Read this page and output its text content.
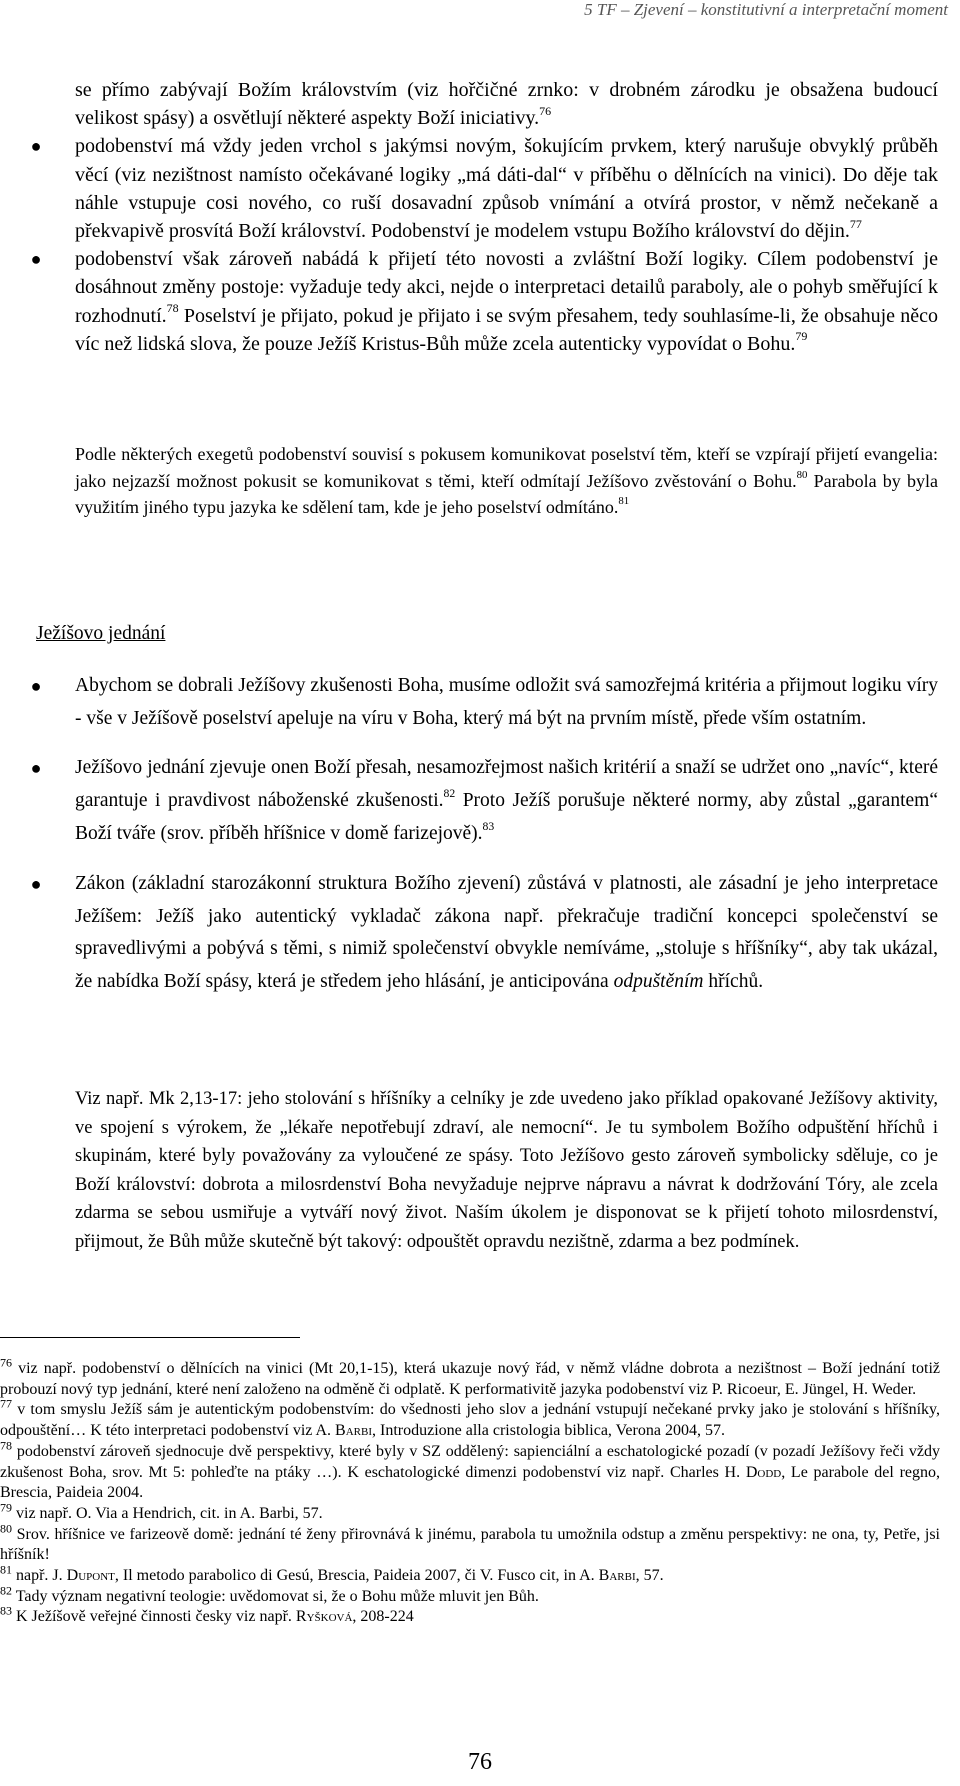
5 TF – Zjevení – konstitutivní a interpretační moment

se přímo zabývají Božím královstvím (viz hořčičné zrnko: v drobném zárodku je obsažena budoucí velikost spásy) a osvětlují některé aspekty Boží iniciativy.$^{76}$

● podobenství má vždy jeden vrchol s jakýmsi novým, šokujícím prvkem, který narušuje obvyklý průběh věcí (viz nezištnost namísto očekávané logiky „má dáti-dal“ v příběhu o dělnících na vinici). Do děje tak náhle vstupuje cosi nového, co ruší dosavadní způsob vnímání a otvírá prostor, v němž nečekaně a překvapivě prosvítá Boží království. Podobenství je modelem vstupu Božího království do dějin.$^{77}$

● podobenství však zároveň nabádá k přijetí této novosti a zvláštní Boží logiky. Cílem podobenství je dosáhnout změny postoje: vyžaduje tedy akci, nejde o interpretaci detailů paraboly, ale o pohyb směřující k rozhodnutí.$^{78}$ Poselství je přijato, pokud je přijato i se svým přesahem, tedy souhlasíme-li, že obsahuje něco víc než lidská slova, že pouze Ježíš Kristus-Bůh může zcela autenticky vypovídat o Bohu.$^{79}$

Podle některých exegetů podobenství souvisí s pokusem komunikovat poselství těm, kteří se vzpírají přijetí evangelia: jako nejzazší možnost pokusit se komunikovat s těmi, kteří odmítají Ježíšovo zvěstování o Bohu.$^{80}$ Parabola by byla využitím jiného typu jazyka ke sdělení tam, kde je jeho poselství odmítáno.$^{81}$

Ježíšovo jednání

● Abychom se dobrali Ježíšovy zkušenosti Boha, musíme odložit svá samozřejmá kritéria a přijmout logiku víry - vše v Ježíšově poselství apeluje na víru v Boha, který má být na prvním místě, přede vším ostatním.

● Ježíšovo jednání zjevuje onen Boží přesah, nesamozřejmost našich kritérií a snaží se udržet ono „navíc“, které garantuje i pravdivost náboženské zkušenosti.$^{82}$ Proto Ježíš porušuje některé normy, aby zůstal „garantem“ Boží tváře (srov. příběh hříšnice v domě farizejově).$^{83}$

● Zákon (základní starozákonní struktura Božího zjevení) zůstává v platnosti, ale zásadní je jeho interpretace Ježíšem: Ježíš jako autentický vykladač zákona např. překračuje tradiční koncepci společenství se spravedlivými a pobývá s těmi, s nimiž společenství obvykle nemíváme, „stoluje s hříšníky“, aby tak ukázal, že nabídka Boží spásy, která je středem jeho hlásání, je anticipována odpuštěním hříchů.

Viz např. Mk 2,13-17: jeho stolování s hříšníky a celníky je zde uvedeno jako příklad opakované Ježíšovy aktivity, ve spojení s výrokem, že „lékaře nepotřebují zdraví, ale nemocní“. Je tu symbolem Božího odpuštění hříchů i skupinám, které byly považovány za vyloučené ze spásy. Toto Ježíšovo gesto zároveň symbolicky sděluje, co je Boží království: dobrota a milosrdenství Boha nevyžaduje nejprve nápravu a návrat k dodržování Tóry, ale zcela zdarma se sebou usmiřuje a vytváří nový život. Naším úkolem je disponovat se k přijetí tohoto milosrdenství, přijmout, že Bůh může skutečně být takový: odpouštět opravdu nezištně, zdarma a bez podmínek.

$^{76}$ viz např. podobenství o dělnících na vinici (Mt 20,1-15), která ukazuje nový řád, v němž vládne dobrota a nezištnost – Boží jednání totiž probouzí nový typ jednání, které není založeno na odměně či odplatě. K performativitě jazyka podobenství viz P. Ricoeur, E. Jüngel, H. Weder.

$^{77}$ v tom smyslu Ježíš sám je autentickým podobenstvím: do všednosti jeho slov a jednání vstupují nečekané prvky jako je stolování s hříšníky, odpouštění… K této interpretaci podobenství viz A. Barbi, Introduzione alla cristologia biblica, Verona 2004, 57.

$^{78}$ podobenství zároveň sjednocuje dvě perspektivy, které byly v SZ oddělený: sapienciální a eschatologické pozadí (v pozadí Ježíšovy řeči vždy zkušenost Boha, srov. Mt 5: pohleďte na ptáky …). K eschatologické dimenzi podobenství viz např. Charles H. Dodd, Le parabole del regno, Brescia, Paideia 2004.

$^{79}$ viz např. O. Via a Hendrich, cit. in A. Barbi, 57.

$^{80}$ Srov. hříšnice ve farizeově domě: jednání té ženy přirovnává k jinému, parabola tu umožnila odstup a změnu perspektivy: ne ona, ty, Petře, jsi hříšník!

$^{81}$ např. J. Dupont, Il metodo parabolico di Gesú, Brescia, Paideia 2007, či V. Fusco cit, in A. Barbi, 57.

$^{82}$ Tady význam negativní teologie: uvědomovat si, že o Bohu může mluvit jen Bůh.

$^{83}$ K Ježíšově veřejné činnosti česky viz např. Ryšková, 208-224

76
